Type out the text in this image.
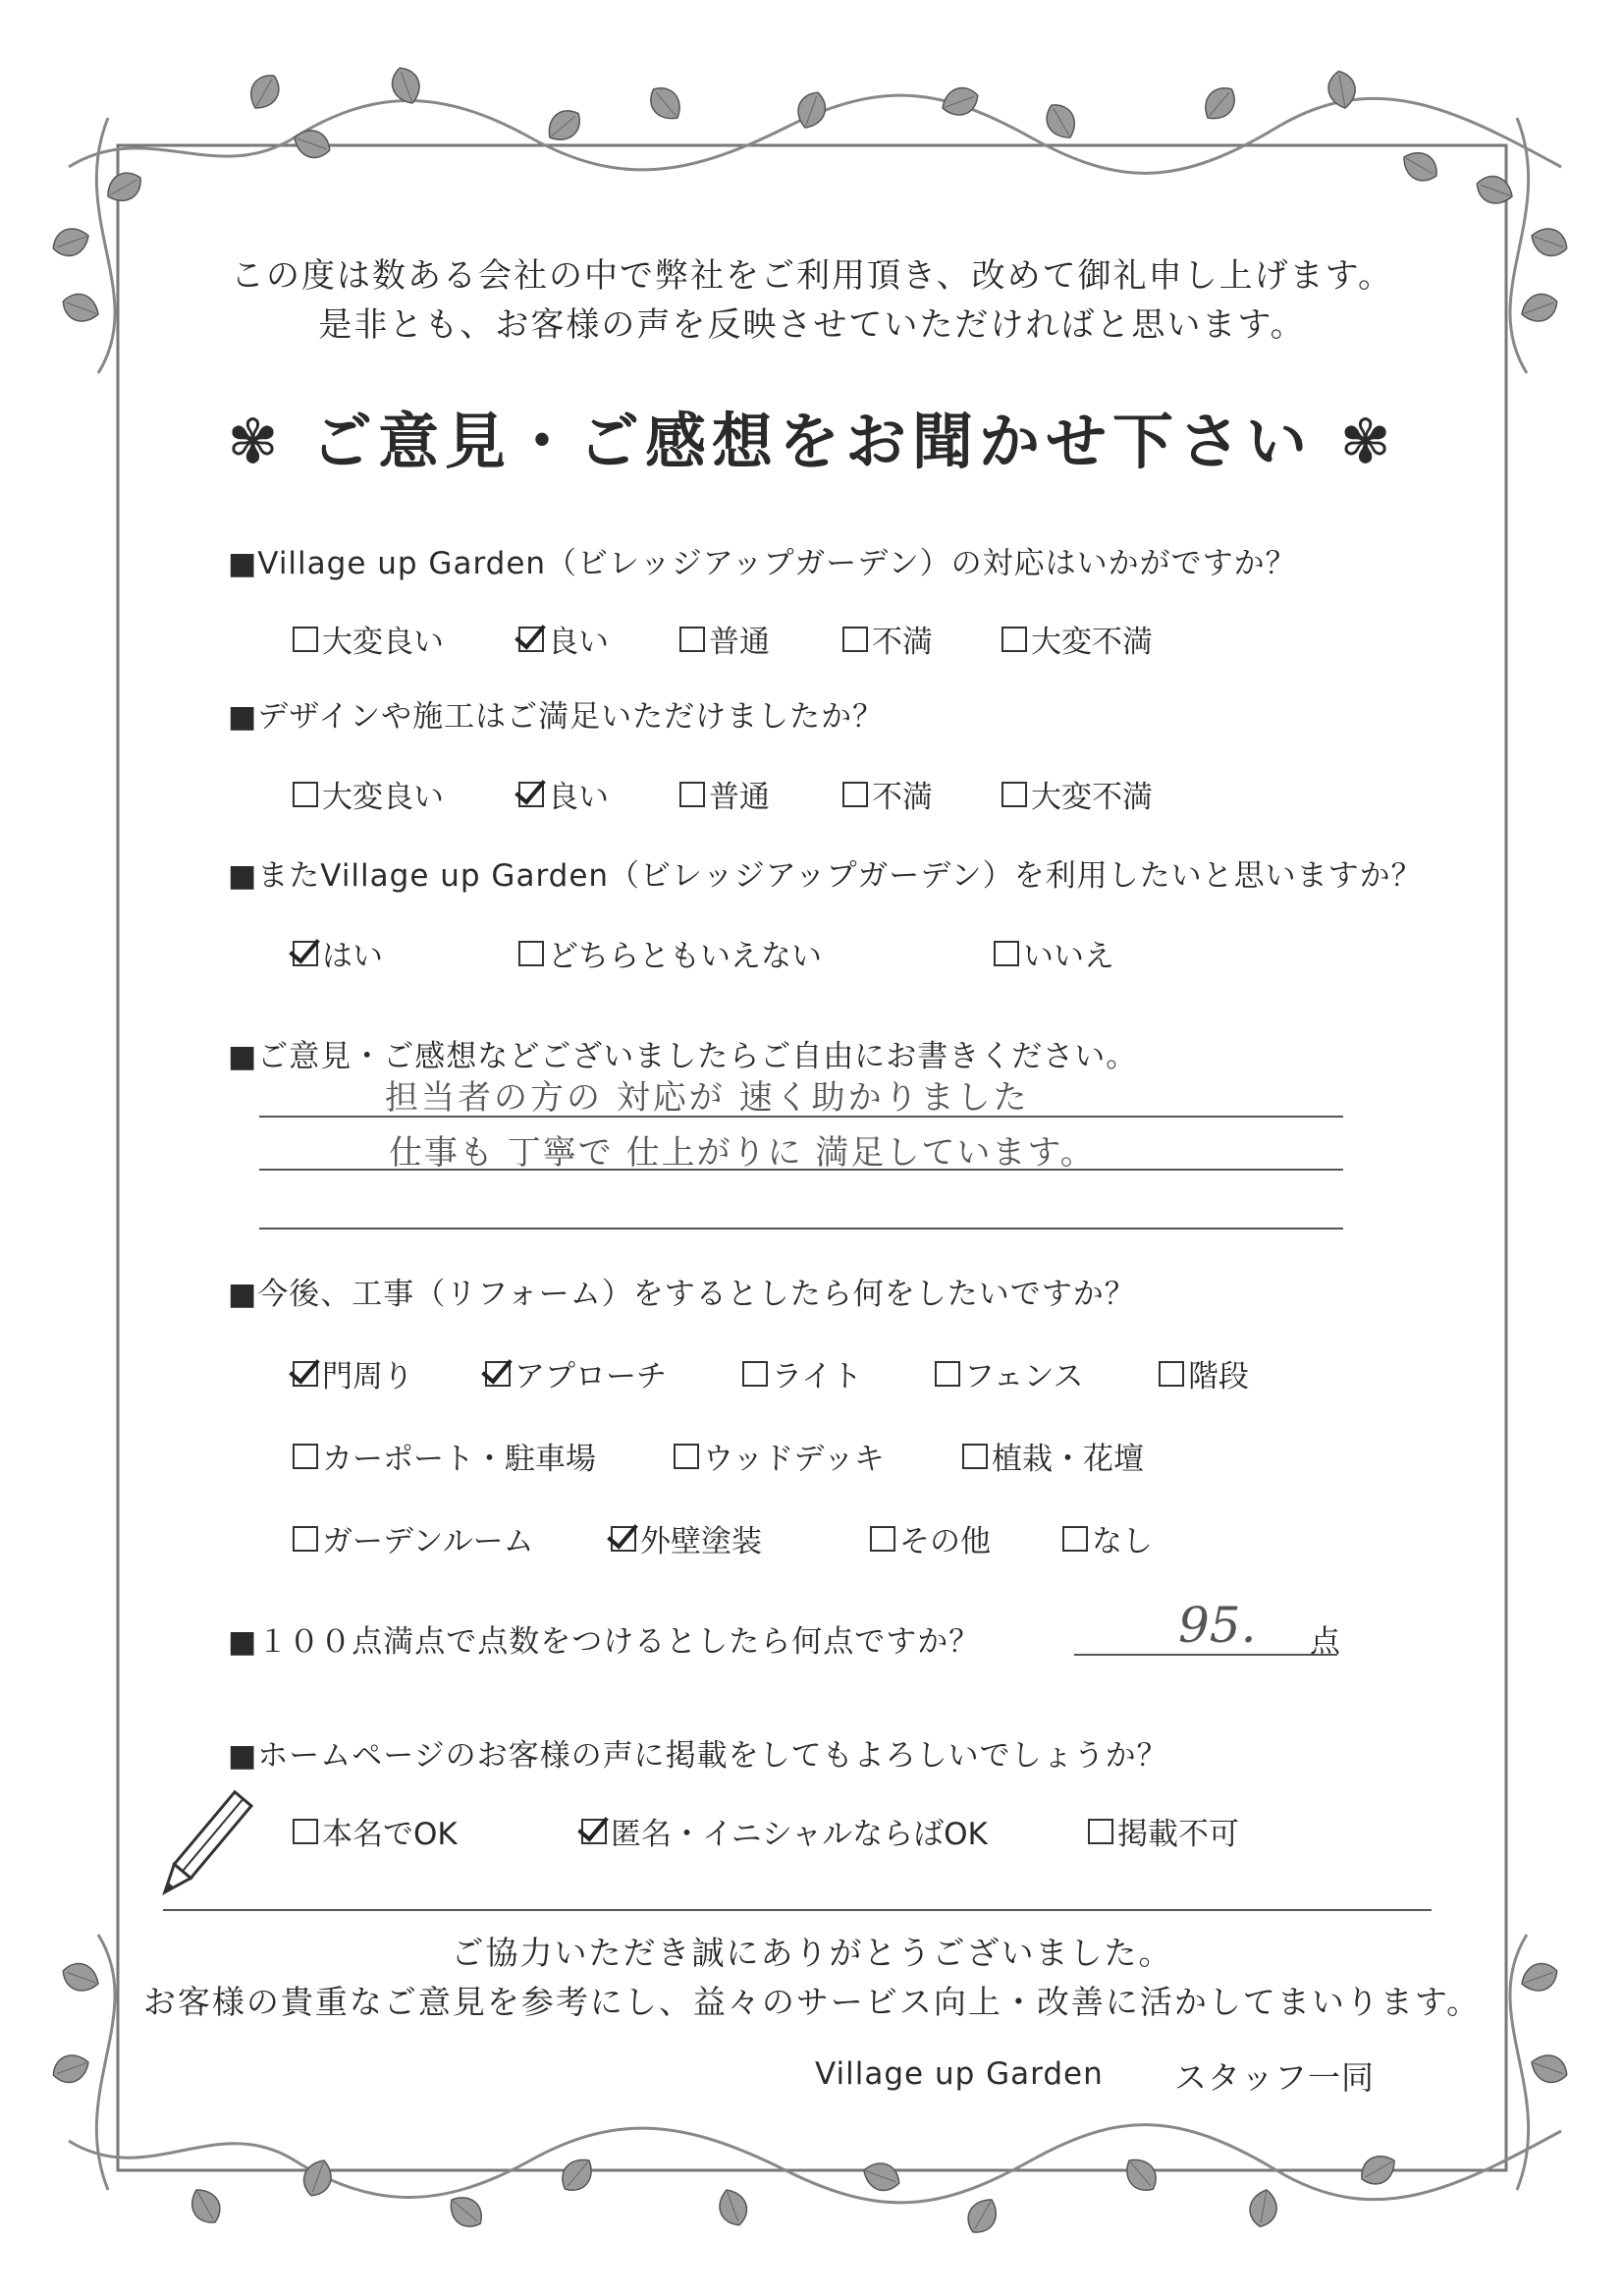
この度は数ある会社の中で弊社をご利用頂き、改めて御礼申し上げます。
是非とも、お客様の声を反映させていただければと思います。
✾ ご意見・ご感想をお聞かせ下さい ✾
■Village up Garden（ビレッジアップガーデン）の対応はいかがですか？
大変良い	良い	普通	不満	大変不満
■デザインや施工はご満足いただけましたか？
大変良い	良い	普通	不満	大変不満
■またVillage up Garden（ビレッジアップガーデン）を利用したいと思いますか？
はい	どちらともいえない	いいえ
■ご意見・ご感想などございましたらご自由にお書きください。
担当者の方の 対応が 速く助かりました
仕事も 丁寧で 仕上がりに 満足しています。
■今後、工事（リフォーム）をするとしたら何をしたいですか？
門周り	アプローチ	ライト	フェンス	階段
カーポート・駐車場	ウッドデッキ	植栽・花壇
ガーデンルーム	外壁塗装	その他	なし
■１００点満点で点数をつけるとしたら何点ですか？	95. 点
■ホームページのお客様の声に掲載をしてもよろしいでしょうか？
本名でOK	匿名・イニシャルならばOK	掲載不可
ご協力いただき誠にありがとうございました。
お客様の貴重なご意見を参考にし、益々のサービス向上・改善に活かしてまいります。
Village up Garden スタッフ一同
